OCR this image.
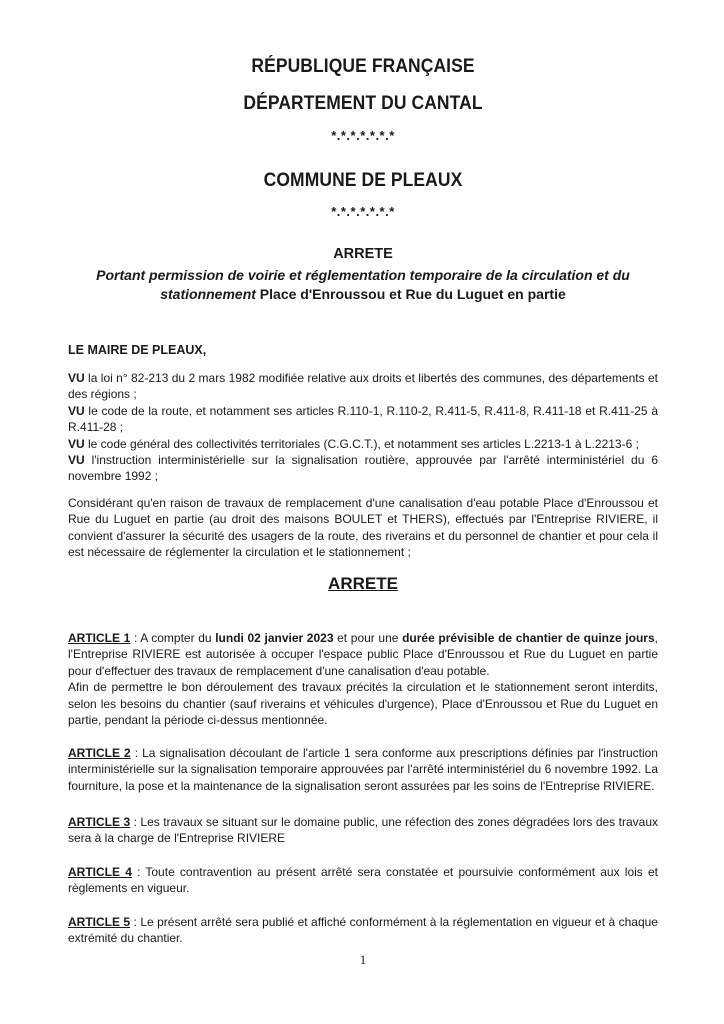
RÉPUBLIQUE FRANÇAISE
DÉPARTEMENT DU CANTAL
*.*.*.*.*.*.*
COMMUNE DE PLEAUX
*.*.*.*.*.*.*
ARRETE
Portant permission de voirie et réglementation temporaire de la circulation et du stationnement Place d'Enroussou et Rue du Luguet en partie
LE MAIRE DE PLEAUX,

VU la loi n° 82-213 du 2 mars 1982 modifiée relative aux droits et libertés des communes, des départements et des régions ;

VU le code de la route, et notamment ses articles R.110-1, R.110-2, R.411-5, R.411-8, R.411-18 et R.411-25 à R.411-28 ;

VU le code général des collectivités territoriales (C.G.C.T.), et notamment ses articles L.2213-1 à L.2213-6 ;

VU l'instruction interministérielle sur la signalisation routière, approuvée par l'arrêté interministériel du 6 novembre 1992 ;

Considérant qu'en raison de travaux de remplacement d'une canalisation d'eau potable Place d'Enroussou et Rue du Luguet en partie (au droit des maisons BOULET et THERS), effectués par l'Entreprise RIVIERE, il convient d'assurer la sécurité des usagers de la route, des riverains et du personnel de chantier et pour cela il est nécessaire de réglementer la circulation et le stationnement ;
ARRETE

ARTICLE 1 : A compter du lundi 02 janvier 2023 et pour une durée prévisible de chantier de quinze jours, l'Entreprise RIVIERE est autorisée à occuper l'espace public Place d'Enroussou et Rue du Luguet en partie pour d'effectuer des travaux de remplacement d'une canalisation d'eau potable.

Afin de permettre le bon déroulement des travaux précités la circulation et le stationnement seront interdits, selon les besoins du chantier (sauf riverains et véhicules d'urgence), Place d'Enroussou et Rue du Luguet en partie, pendant la période ci-dessus mentionnée.

ARTICLE 2 : La signalisation découlant de l'article 1 sera conforme aux prescriptions définies par l'instruction interministérielle sur la signalisation temporaire approuvées par l'arrêté interministériel du 6 novembre 1992. La fourniture, la pose et la maintenance de la signalisation seront assurées par les soins de l'Entreprise RIVIERE.
ARTICLE 3 : Les travaux se situant sur le domaine public, une réfection des zones dégradées lors des travaux sera à la charge de l'Entreprise RIVIERE
ARTICLE 4 : Toute contravention au présent arrêté sera constatée et poursuivie conformément aux lois et règlements en vigueur.
ARTICLE 5 : Le présent arrêté sera publié et affiché conformément à la réglementation en vigueur et à chaque extrémité du chantier.
1
